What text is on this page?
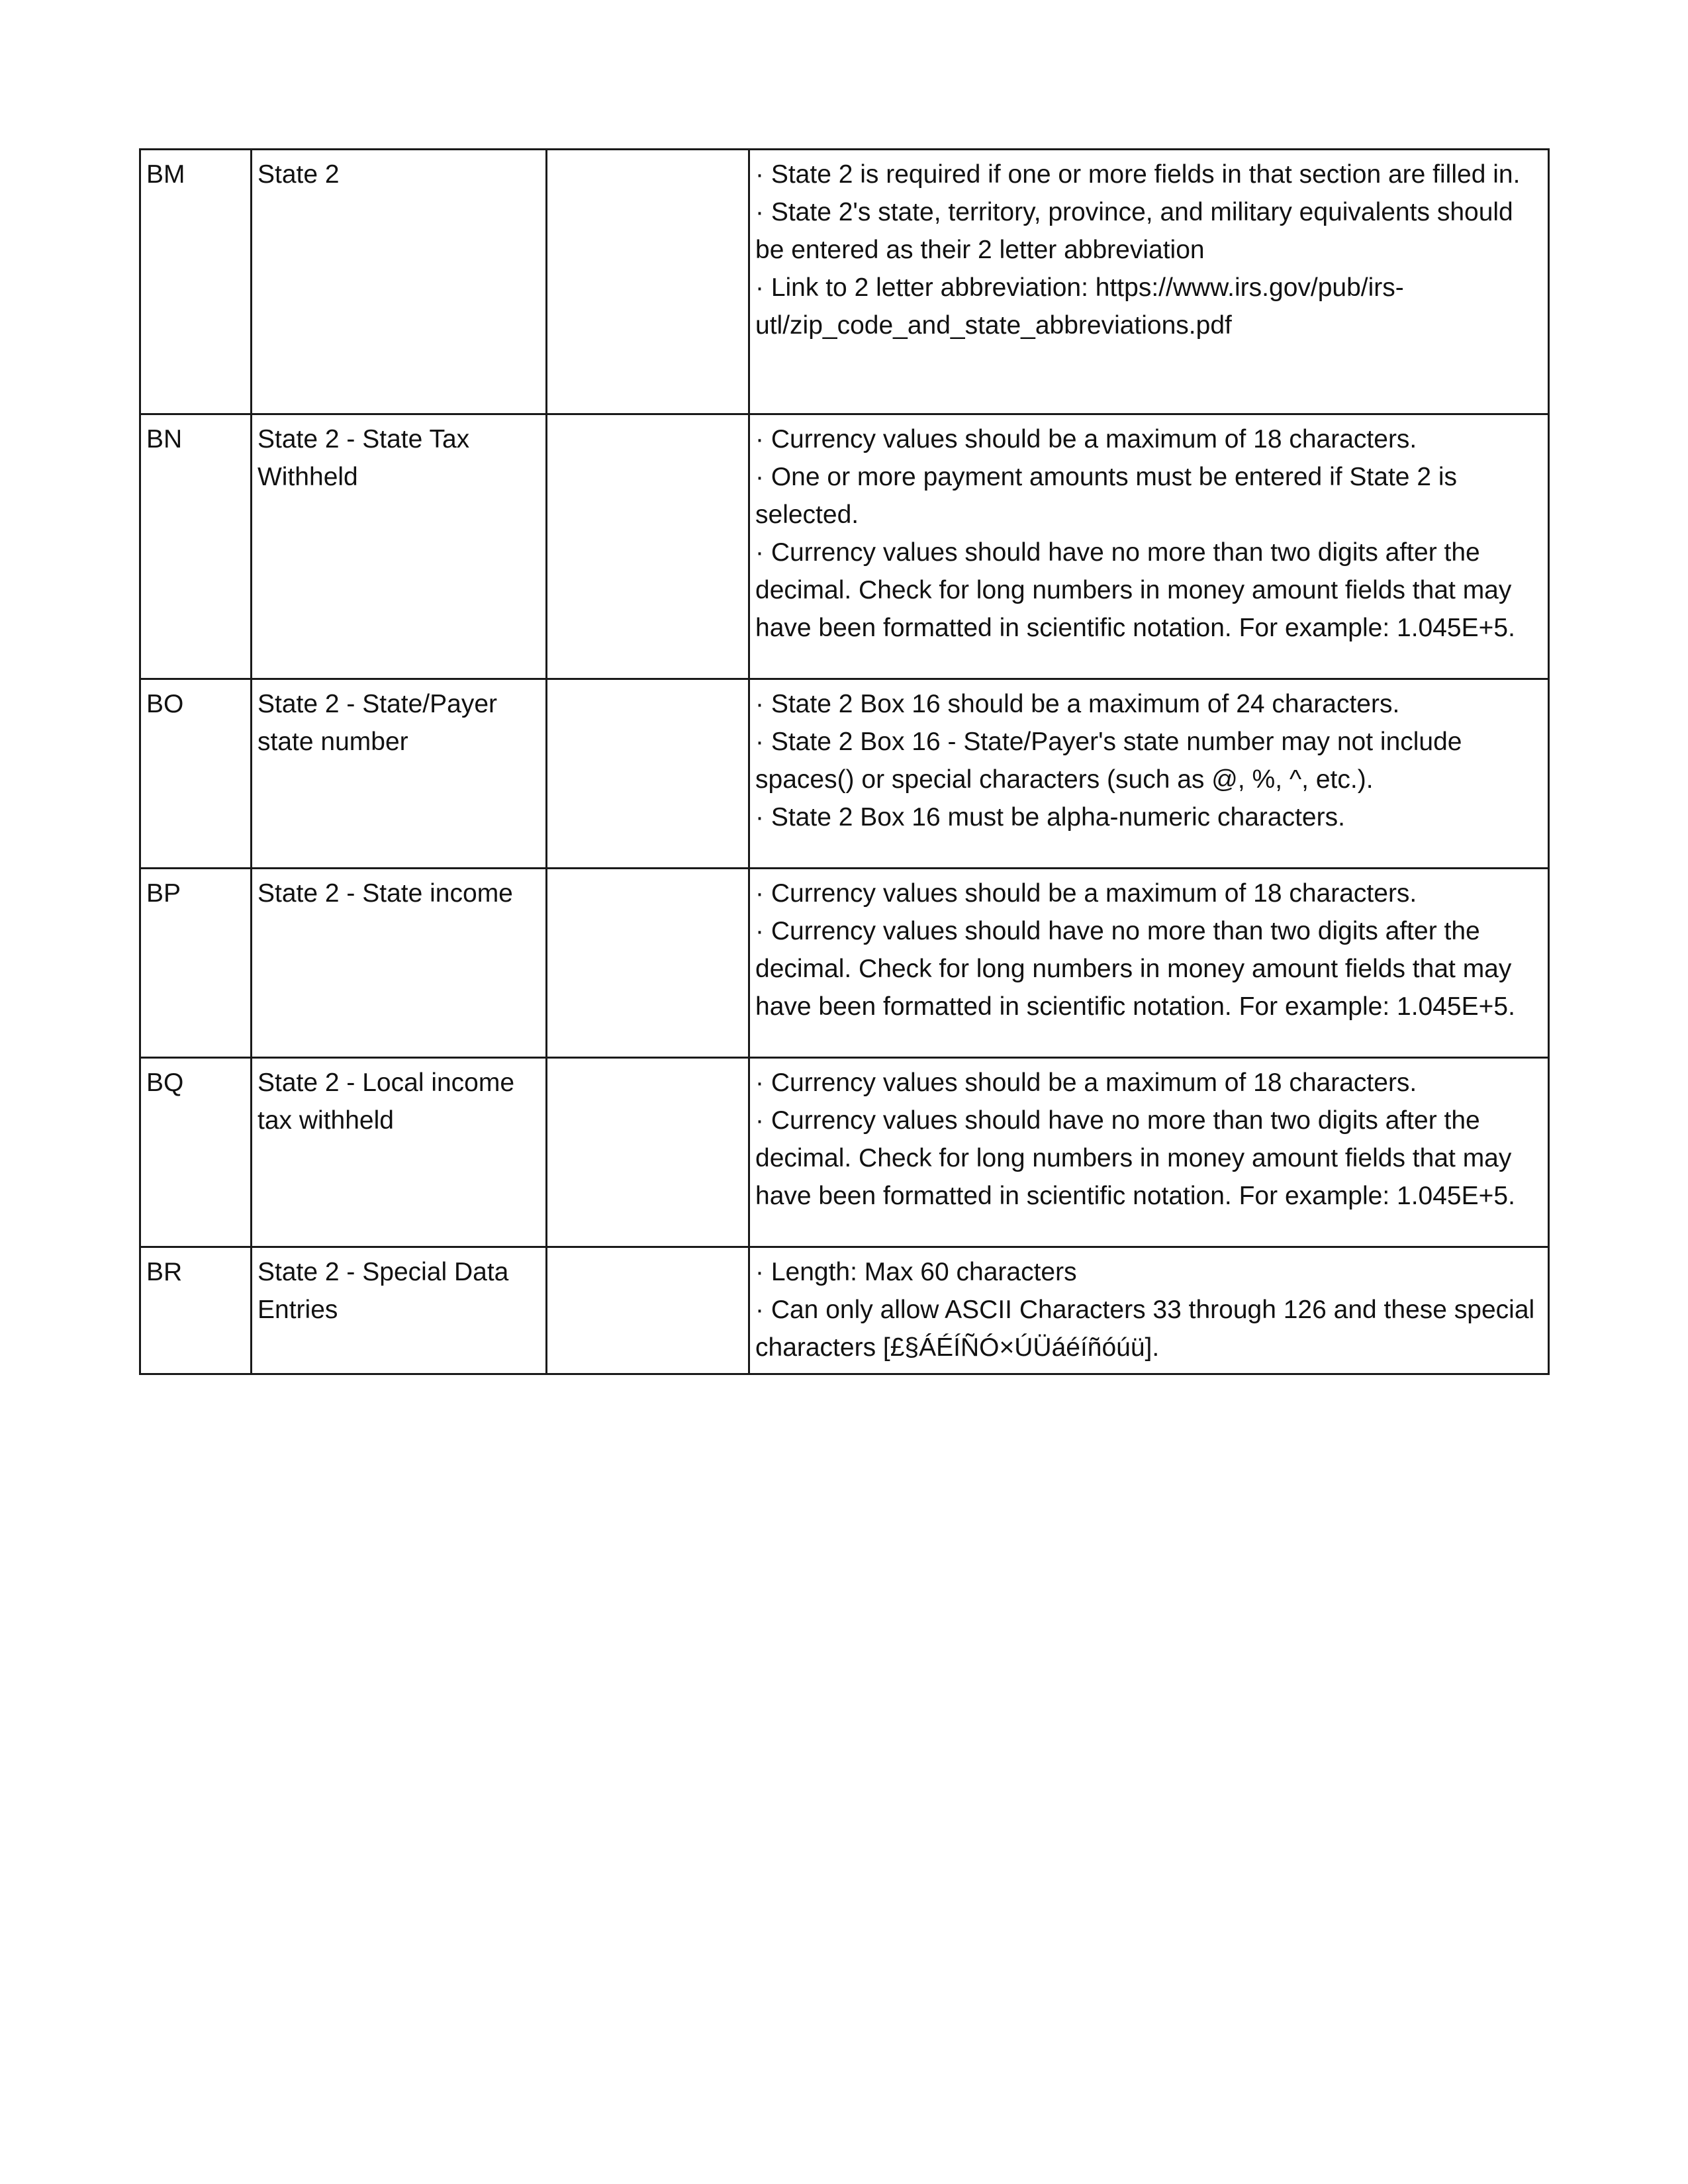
BM	State 2		· State 2 is required if one or more fields in that section are filled in.
· State 2's state, territory, province, and military equivalents should be entered as their 2 letter abbreviation
· Link to 2 letter abbreviation: https://www.irs.gov/pub/irs-utl/zip_code_and_state_abbreviations.pdf

BN	State 2 - State Tax Withheld		· Currency values should be a maximum of 18 characters.
· One or more payment amounts must be entered if State 2 is selected.
· Currency values should have no more than two digits after the decimal. Check for long numbers in money amount fields that may have been formatted in scientific notation. For example: 1.045E+5.

BO	State 2 - State/Payer state number		· State 2 Box 16 should be a maximum of 24 characters.
· State 2 Box 16 - State/Payer's state number may not include spaces() or special characters (such as @, %, ^, etc.).
· State 2 Box 16 must be alpha-numeric characters.

BP	State 2 - State income		· Currency values should be a maximum of 18 characters.
· Currency values should have no more than two digits after the decimal. Check for long numbers in money amount fields that may have been formatted in scientific notation. For example: 1.045E+5.

BQ	State 2 - Local income tax withheld		· Currency values should be a maximum of 18 characters.
· Currency values should have no more than two digits after the decimal. Check for long numbers in money amount fields that may have been formatted in scientific notation. For example: 1.045E+5.

BR	State 2 - Special Data Entries		· Length: Max 60 characters
· Can only allow ASCII Characters 33 through 126 and these special characters [£§ÁÉÍÑÓ×ÚÜáéíñóúü].
